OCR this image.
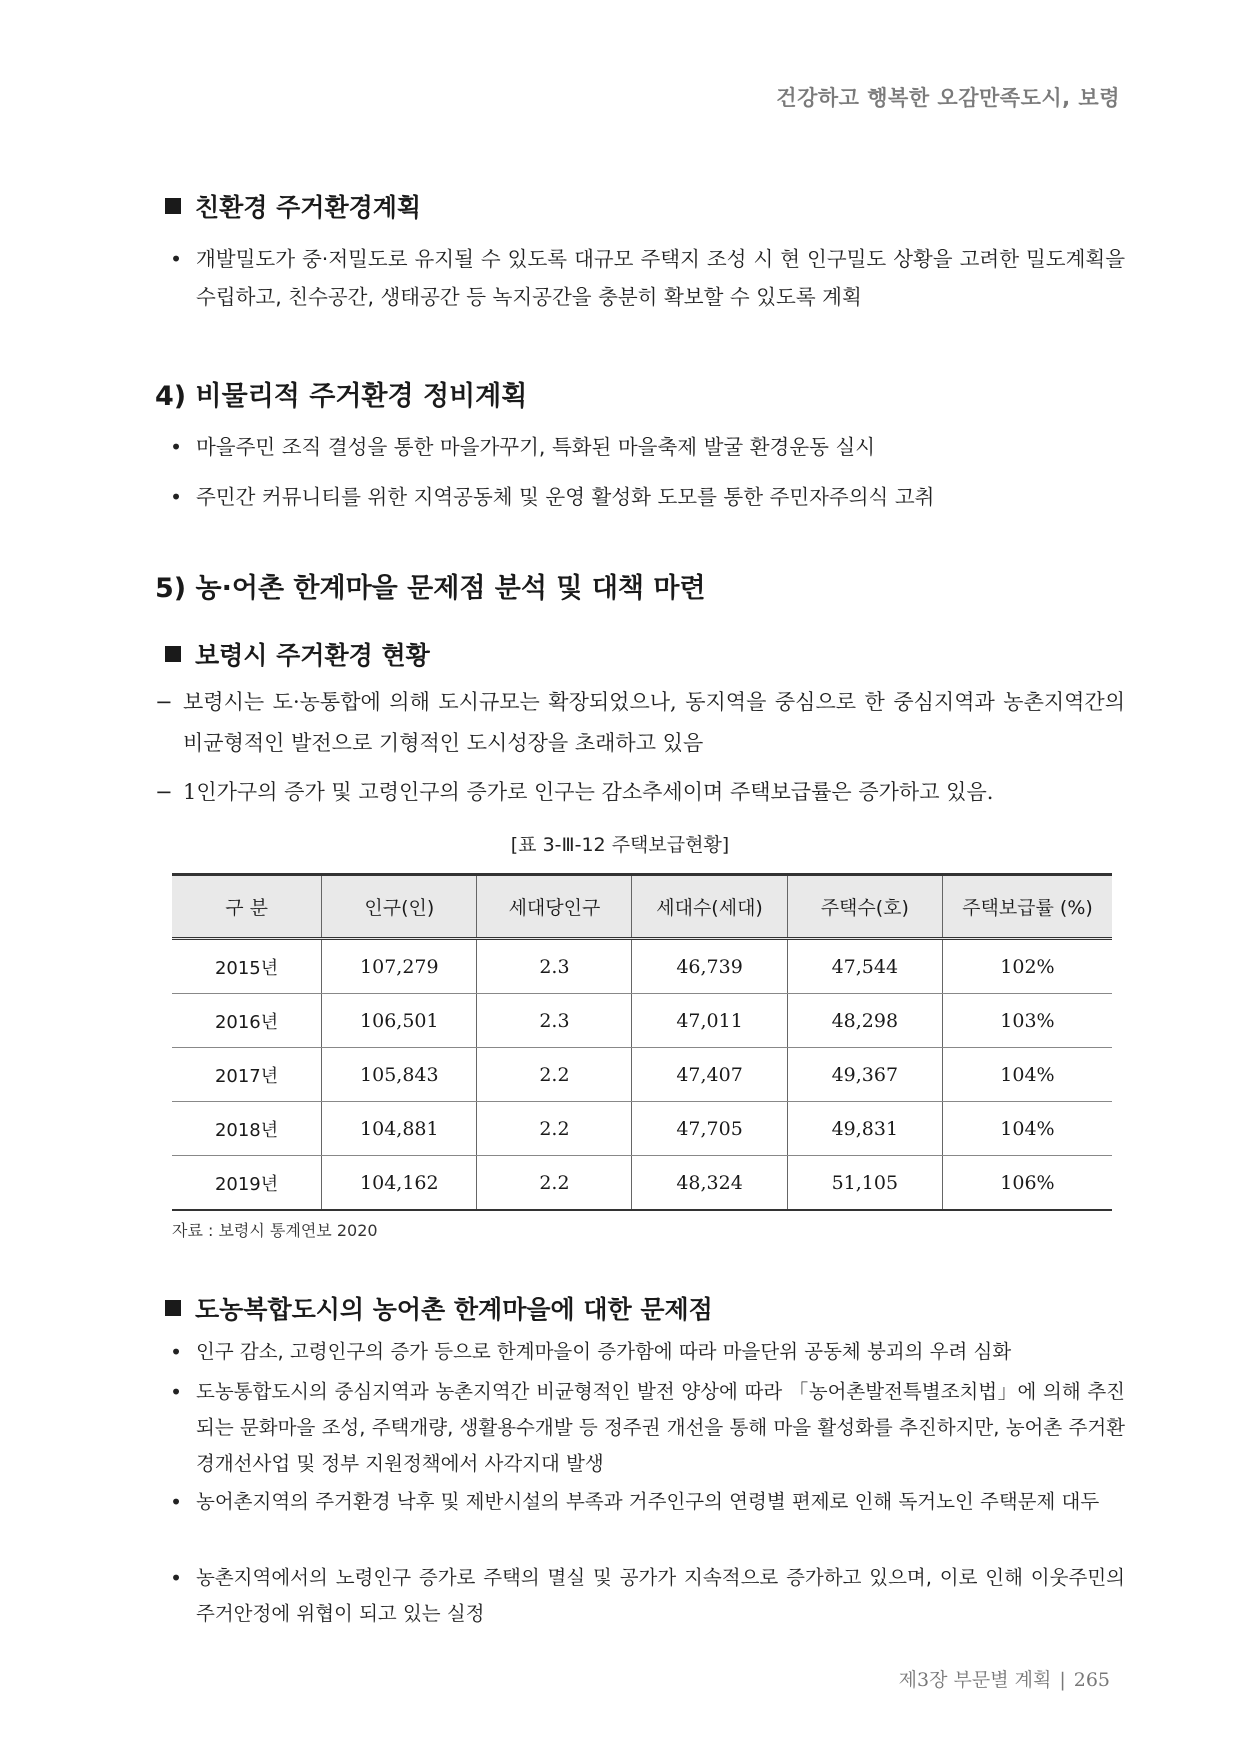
건강하고 행복한 오감만족도시, 보령
친환경 주거환경계획
• 개발밀도가 중·저밀도로 유지될 수 있도록 대규모 주택지 조성 시 현 인구밀도 상황을 고려한 밀도계획을 수립하고, 친수공간, 생태공간 등 녹지공간을 충분히 확보할 수 있도록 계획
4) 비물리적 주거환경 정비계획
• 마을주민 조직 결성을 통한 마을가꾸기, 특화된 마을축제 발굴 환경운동 실시
• 주민간 커뮤니티를 위한 지역공동체 및 운영 활성화 도모를 통한 주민자주의식 고취
5) 농·어촌 한계마을 문제점 분석 및 대책 마련
보령시 주거환경 현황
− 보령시는 도·농통합에 의해 도시규모는 확장되었으나, 동지역을 중심으로 한 중심지역과 농촌지역간의 비균형적인 발전으로 기형적인 도시성장을 초래하고 있음
− 1인가구의 증가 및 고령인구의 증가로 인구는 감소추세이며 주택보급률은 증가하고 있음.
[표 3-Ⅲ-12 주택보급현황]
구 분	인구(인)	세대당인구	세대수(세대)	주택수(호)	주택보급률 (%)
2015년	107,279	2.3	46,739	47,544	102%
2016년	106,501	2.3	47,011	48,298	103%
2017년	105,843	2.2	47,407	49,367	104%
2018년	104,881	2.2	47,705	49,831	104%
2019년	104,162	2.2	48,324	51,105	106%
자료 : 보령시 통계연보 2020
도농복합도시의 농어촌 한계마을에 대한 문제점
• 인구 감소, 고령인구의 증가 등으로 한계마을이 증가함에 따라 마을단위 공동체 붕괴의 우려 심화
• 도농통합도시의 중심지역과 농촌지역간 비균형적인 발전 양상에 따라 「농어촌발전특별조치법」에 의해 추진되는 문화마을 조성, 주택개량, 생활용수개발 등 정주권 개선을 통해 마을 활성화를 추진하지만, 농어촌 주거환경개선사업 및 정부 지원정책에서 사각지대 발생
• 농어촌지역의 주거환경 낙후 및 제반시설의 부족과 거주인구의 연령별 편제로 인해 독거노인 주택문제 대두
• 농촌지역에서의 노령인구 증가로 주택의 멸실 및 공가가 지속적으로 증가하고 있으며, 이로 인해 이웃주민의 주거안정에 위협이 되고 있는 실정
제3장 부문별 계획 | 265
